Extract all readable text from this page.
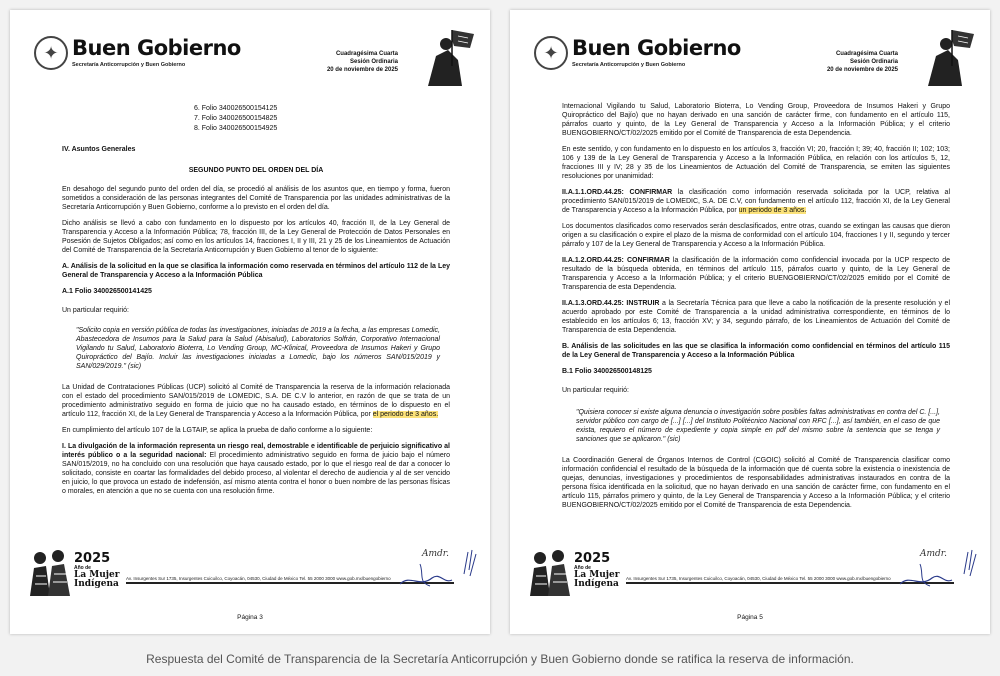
✦ Buen Gobierno
Secretaría Anticorrupción y Buen Gobierno
Cuadragésima Cuarta
Sesión Ordinaria
20 de noviembre de 2025
6. Folio 340026500154125
7. Folio 340026500154825
8. Folio 340026500154925

IV. Asuntos Generales

SEGUNDO PUNTO DEL ORDEN DEL DÍA

En desahogo del segundo punto del orden del día, se procedió al análisis de los asuntos que, en tiempo y forma, fueron sometidos a consideración de las personas integrantes del Comité de Transparencia por las unidades administrativas de la Secretaría Anticorrupción y Buen Gobierno, conforme a lo previsto en el orden del día.

Dicho análisis se llevó a cabo con fundamento en lo dispuesto por los artículos 40, fracción II, de la Ley General de Transparencia y Acceso a la Información Pública; 78, fracción III, de la Ley General de Protección de Datos Personales en Posesión de Sujetos Obligados; así como en los artículos 14, fracciones I, II y III, 21 y 25 de los Lineamientos de Actuación del Comité de Transparencia de la Secretaría Anticorrupción y Buen Gobierno al tenor de lo siguiente:

A. Análisis de la solicitud en la que se clasifica la información como reservada en términos del artículo 112 de la Ley General de Transparencia y Acceso a la Información Pública

A.1 Folio 340026500141425

Un particular requirió:

"Solicito copia en versión pública de todas las investigaciones, iniciadas de 2019 a la fecha, a las empresas Lomedic, Abastecedora de Insumos para la Salud para la Salud (Abisalud), Laboratorios Solfrán, Corporativo Internacional Vigilando tu Salud, Laboratorio Bioterra, Lo Vending Group, MC-Klinical, Proveedora de Insumos Hakeri y Grupo Quiropráctico del Bajío. Incluir las investigaciones iniciadas a Lomedic, bajo los números SAN/015/2019 y SAN/029/2019." (sic)

La Unidad de Contrataciones Públicas (UCP) solicitó al Comité de Transparencia la reserva de la información relacionada con el estado del procedimiento SAN/015/2019 de LOMEDIC, S.A. DE C.V lo anterior, en razón de que se trata de un procedimiento administrativo seguido en forma de juicio que no ha causado estado, en términos de lo dispuesto en el artículo 112, fracción XI, de la Ley General de Transparencia y Acceso a la Información Pública, por el periodo de 3 años.

En cumplimiento del artículo 107 de la LGTAIP, se aplica la prueba de daño conforme a lo siguiente:

I. La divulgación de la información representa un riesgo real, demostrable e identificable de perjuicio significativo al interés público o a la seguridad nacional: El procedimiento administrativo seguido en forma de juicio bajo el número SAN/015/2019, no ha concluido con una resolución que haya causado estado, por lo que el riesgo real de dar a conocer lo solicitado, consiste en coartar las formalidades del debido proceso, al violentar el derecho de audiencia y al de ser vencido en juicio, lo que provoca un estado de indefensión, así mismo atenta contra el honor o buen nombre de las personas físicas o morales, en atención a que no se cuenta con una resolución firme.

2025
Año de
La Mujer
Indígena
Av. Insurgentes Sur 1735, Insurgentes Cuicuilco, Coyoacán, 04530, Ciudad de México Tel. 55 2000 3000 www.gob.mx/buengobierno
Amdr.
Página 3
✦ Buen Gobierno
Secretaría Anticorrupción y Buen Gobierno
Cuadragésima Cuarta
Sesión Ordinaria
20 de noviembre de 2025

Internacional Vigilando tu Salud, Laboratorio Bioterra, Lo Vending Group, Proveedora de Insumos Hakeri y Grupo Quiropráctico del Bajío) que no hayan derivado en una sanción de carácter firme, con fundamento en el artículo 115, párrafos cuarto y quinto, de la Ley General de Transparencia y Acceso a la Información Pública; y el criterio BUENGOBIERNO/CT/02/2025 emitido por el Comité de Transparencia de esta Dependencia.

En este sentido, y con fundamento en lo dispuesto en los artículos 3, fracción VI; 20, fracción I; 39; 40, fracción II; 102; 103; 106 y 139 de la Ley General de Transparencia y Acceso a la Información Pública, en relación con los artículos 5, 12, fracciones III y IV; 28 y 35 de los Lineamientos de Actuación del Comité de Transparencia, se emiten las siguientes resoluciones por unanimidad:

II.A.1.1.ORD.44.25: CONFIRMAR la clasificación como información reservada solicitada por la UCP, relativa al procedimiento SAN/015/2019 de LOMEDIC, S.A. DE C.V, con fundamento en el artículo 112, fracción XI, de la Ley General de Transparencia y Acceso a la Información Pública, por un periodo de 3 años.

Los documentos clasificados como reservados serán desclasificados, entre otras, cuando se extingan las causas que dieron origen a su clasificación o expire el plazo de la misma de conformidad con el artículo 104, fracciones I y II, segundo y tercer párrafo y 107 de la Ley General de Transparencia y Acceso a la Información Pública.

II.A.1.2.ORD.44.25: CONFIRMAR la clasificación de la información como confidencial invocada por la UCP respecto de resultado de la búsqueda obtenida, en términos del artículo 115, párrafos cuarto y quinto, de la Ley General de Transparencia y Acceso a la Información Pública; y el criterio BUENGOBIERNO/CT/02/2025 emitido por el Comité de Transparencia de esta Dependencia.

II.A.1.3.ORD.44.25: INSTRUIR a la Secretaría Técnica para que lleve a cabo la notificación de la presente resolución y el acuerdo aprobado por este Comité de Transparencia a la unidad administrativa correspondiente, en términos de lo establecido en los artículos 6; 13, fracción XV; y 34, segundo párrafo, de los Lineamientos de Actuación del Comité de Transparencia de esta Dependencia.

B. Análisis de las solicitudes en las que se clasifica la información como confidencial en términos del artículo 115 de la Ley General de Transparencia y Acceso a la Información Pública

B.1 Folio 340026500148125

Un particular requirió:

"Quisiera conocer si existe alguna denuncia o investigación sobre posibles faltas administrativas en contra del C. [...], servidor público con cargo de [...] [...] del Instituto Politécnico Nacional con RFC [...], así también, en el caso de que exista, requiero el número de expediente y copia simple en pdf del mismo sobre la sentencia que se tenga y sanciones que se aplicaron." (sic)

La Coordinación General de Órganos Internos de Control (CGOIC) solicitó al Comité de Transparencia clasificar como información confidencial el resultado de la búsqueda de la información que dé cuenta sobre la existencia o inexistencia de quejas, denuncias, investigaciones y procedimientos de responsabilidades administrativas instaurados en contra de la persona física identificada en la solicitud, que no hayan derivado en una sanción de carácter firme, con fundamento en el artículo 115, párrafos primero y quinto, de la Ley General de Transparencia y Acceso a la Información Pública; y el criterio BUENGOBIERNO/CT/02/2025 emitido por el Comité de Transparencia de esta Dependencia.

2025
Año de
La Mujer
Indígena
Av. Insurgentes Sur 1735, Insurgentes Cuicuilco, Coyoacán, 04530, Ciudad de México Tel. 55 2000 3000 www.gob.mx/buengobierno
Amdr.
Página 5
Respuesta del Comité de Transparencia de la Secretaría Anticorrupción y Buen Gobierno donde se ratifica la reserva de información.
